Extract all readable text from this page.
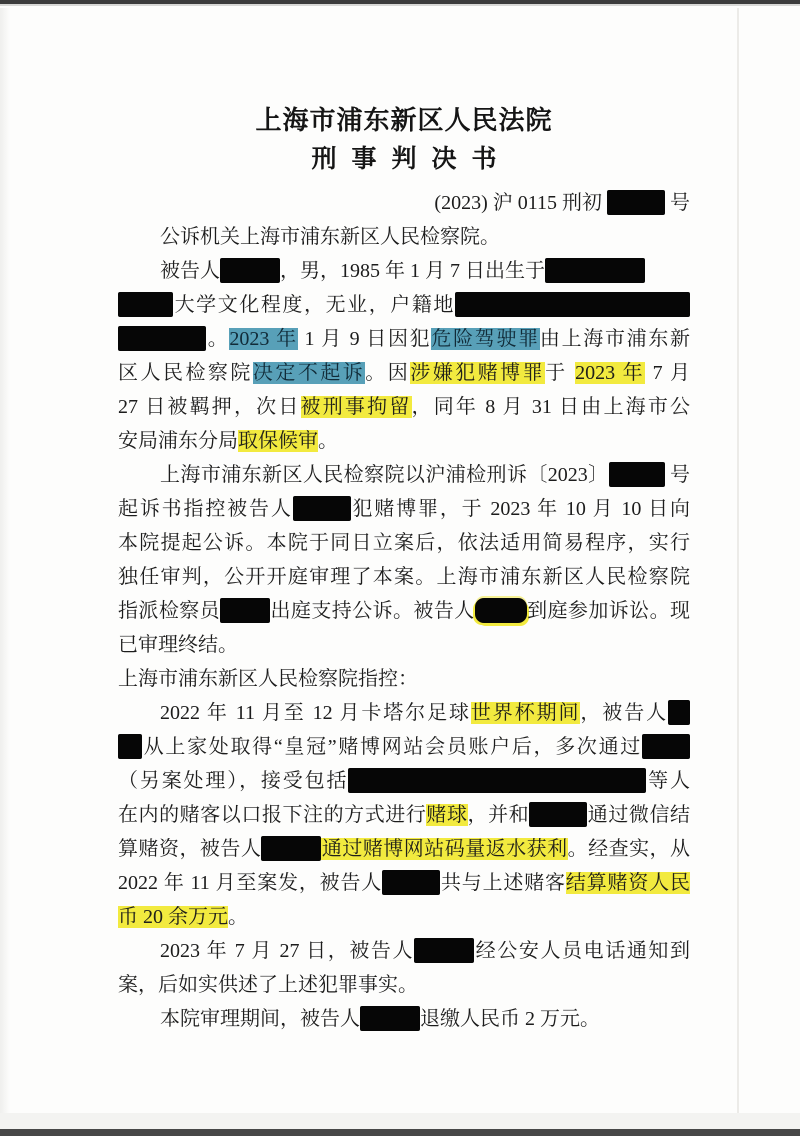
上海市浦东新区人民法院
刑事判决书
(2023) 沪 0115 刑初	号
公诉机关上海市浦东新区人民检察院。
被告人	，男，1985 年 1 月 7 日出生于
大学文化程度，无业，户籍地
。2023 年 1 月 9 日因犯危险驾驶罪由上海市浦东新
区人民检察院决定不起诉。因涉嫌犯赌博罪于 2023 年 7 月
27 日被羁押，次日被刑事拘留，同年 8 月 31 日由上海市公
安局浦东分局取保候审。
上海市浦东新区人民检察院以沪浦检刑诉〔2023〕	号
起诉书指控被告人	犯赌博罪，于 2023 年 10 月 10 日向
本院提起公诉。本院于同日立案后，依法适用简易程序，实行
独任审判，公开开庭审理了本案。上海市浦东新区人民检察院
指派检察员	出庭支持公诉。被告人	到庭参加诉讼。现
已审理终结。
上海市浦东新区人民检察院指控：
2022 年 11 月至 12 月卡塔尔足球世界杯期间，被告人
从上家处取得“皇冠”赌博网站会员账户后，多次通过
（另案处理），接受包括	等人
在内的赌客以口报下注的方式进行赌球，并和	通过微信结
算赌资，被告人	通过赌博网站码量返水获利。经查实，从
2022 年 11 月至案发，被告人	共与上述赌客结算赌资人民
币 20 余万元。
2023 年 7 月 27 日，被告人	经公安人员电话通知到
案，后如实供述了上述犯罪事实。
本院审理期间，被告人	退缴人民币 2 万元。
